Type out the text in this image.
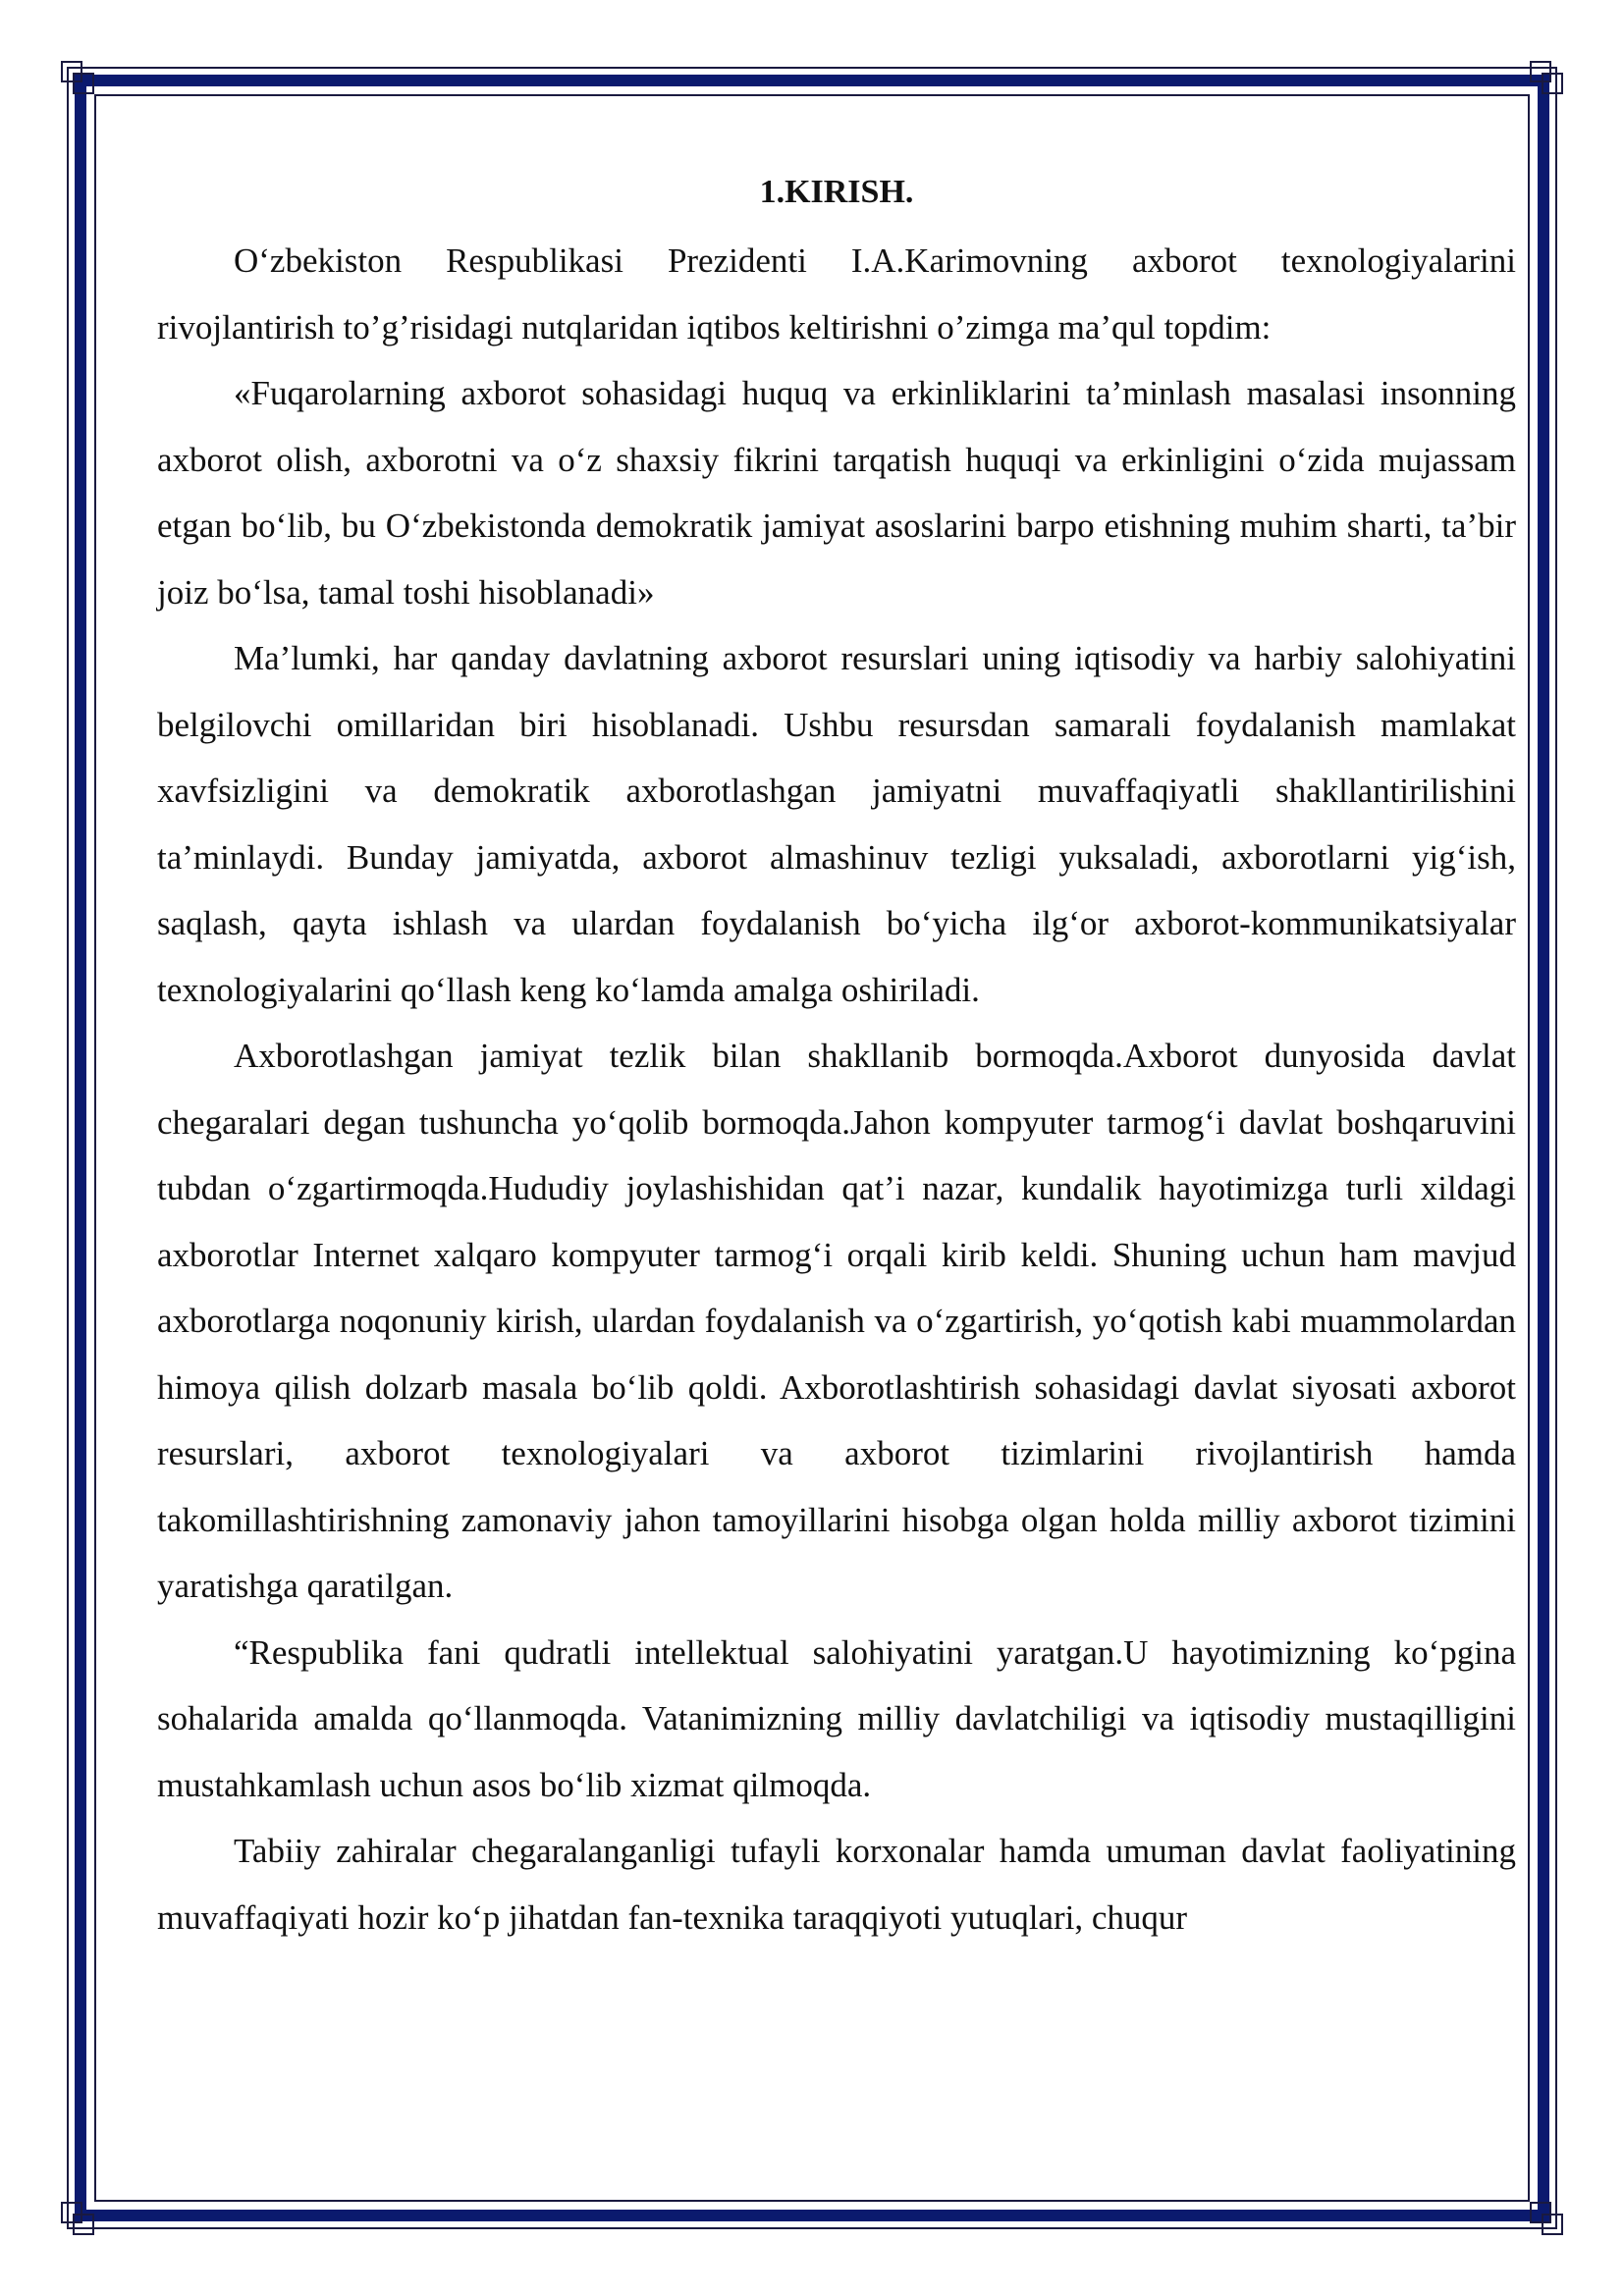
1.KIRISH.

O‘zbekiston Respublikasi Prezidenti I.A.Karimovning axborot texnologiyalarini rivojlantirish to’g’risidagi nutqlaridan iqtibos keltirishni o’zimga ma’qul topdim:

«Fuqarolarning axborot sohasidagi huquq va erkinliklarini ta’minlash masalasi insonning axborot olish, axborotni va o‘z shaxsiy fikrini tarqatish huquqi va erkinligini o‘zida mujassam etgan bo‘lib, bu O‘zbekistonda demokratik jamiyat asoslarini barpo etishning muhim sharti, ta’bir joiz bo‘lsa, tamal toshi hisoblanadi»

Ma’lumki, har qanday davlatning axborot resurslari uning iqtisodiy va harbiy salohiyatini belgilovchi omillaridan biri hisoblanadi. Ushbu resursdan samarali foydalanish mamlakat xavfsizligini va demokratik axborotlashgan jamiyatni muvaffaqiyatli shakllantirilishini ta’minlaydi. Bunday jamiyatda, axborot almashinuv tezligi yuksaladi, axborotlarni yig‘ish, saqlash, qayta ishlash va ulardan foydalanish bo‘yicha ilg‘or axborot-kommunikatsiyalar texnologiyalarini qo‘llash keng ko‘lamda amalga oshiriladi.

Axborotlashgan jamiyat tezlik bilan shakllanib bormoqda.Axborot dunyosida davlat chegaralari degan tushuncha yo‘qolib bormoqda.Jahon kompyuter tarmog‘i davlat boshqaruvini tubdan o‘zgartirmoqda.Hududiy joylashishidan qat’i nazar, kundalik hayotimizga turli xildagi axborotlar Internet xalqaro kompyuter tarmog‘i orqali kirib keldi. Shuning uchun ham mavjud axborotlarga noqonuniy kirish, ulardan foydalanish va o‘zgartirish, yo‘qotish kabi muammolardan himoya qilish dolzarb masala bo‘lib qoldi. Axborotlashtirish sohasidagi davlat siyosati axborot resurslari, axborot texnologiyalari va axborot tizimlarini rivojlantirish hamda takomillashtirishning zamonaviy jahon tamoyillarini hisobga olgan holda milliy axborot tizimini yaratishga qaratilgan.

“Respublika fani qudratli intellektual salohiyatini yaratgan.U hayotimizning ko‘pgina sohalarida amalda qo‘llanmoqda. Vatanimizning milliy davlatchiligi va iqtisodiy mustaqilligini mustahkamlash uchun asos bo‘lib xizmat qilmoqda.

Tabiiy zahiralar chegaralanganligi tufayli korxonalar hamda umuman davlat faoliyatining muvaffaqiyati hozir ko‘p jihatdan fan-texnika taraqqiyoti yutuqlari, chuqur
